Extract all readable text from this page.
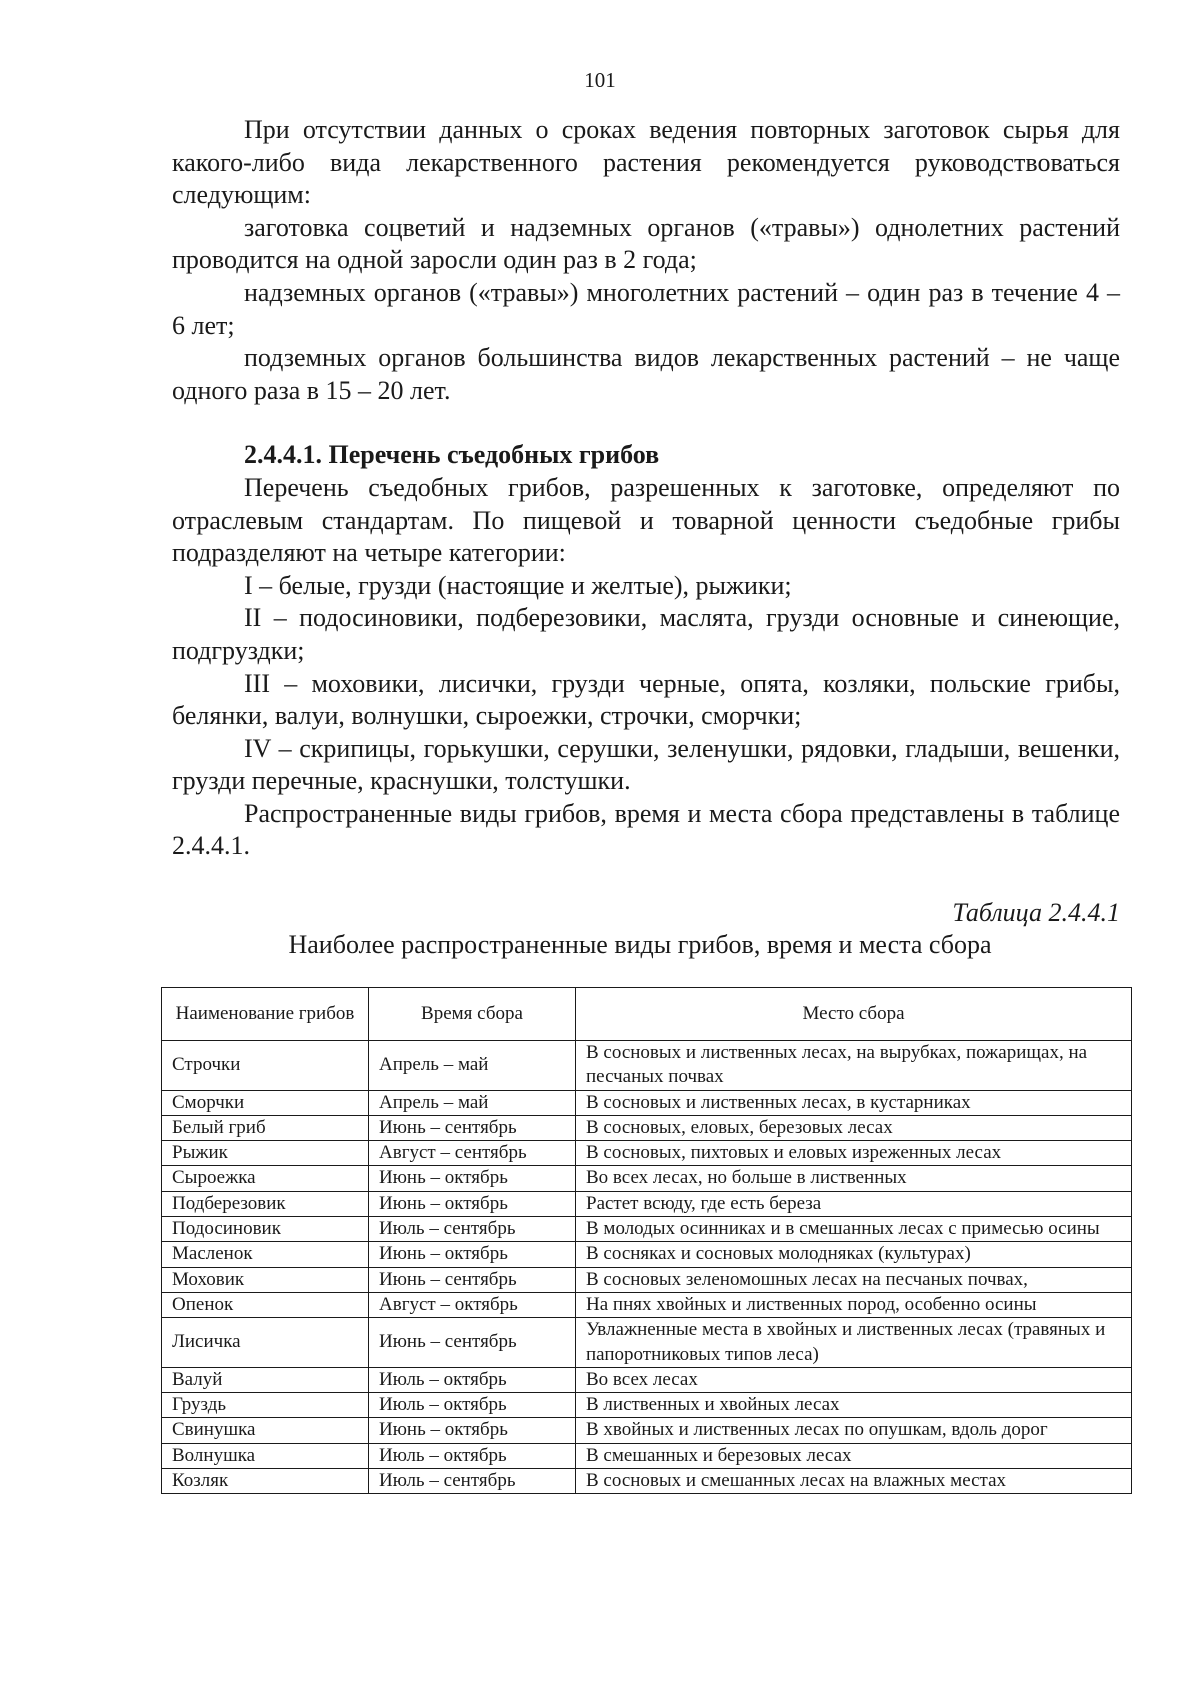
101

При отсутствии данных о сроках ведения повторных заготовок сырья для какого-либо вида лекарственного растения рекомендуется руководствоваться следующим:

заготовка соцветий и надземных органов («травы») однолетних растений проводится на одной заросли один раз в 2 года;

надземных органов («травы») многолетних растений – один раз в течение 4 – 6 лет;

подземных органов большинства видов лекарственных растений – не чаще одного раза в 15 – 20 лет.

2.4.4.1. Перечень съедобных грибов

Перечень съедобных грибов, разрешенных к заготовке, определяют по отраслевым стандартам. По пищевой и товарной ценности съедобные грибы подразделяют на четыре категории:

I – белые, грузди (настоящие и желтые), рыжики;

II – подосиновики, подберезовики, маслята, грузди основные и синеющие, подгруздки;

III – моховики, лисички, грузди черные, опята, козляки, польские грибы, белянки, валуи, волнушки, сыроежки, строчки, сморчки;

IV – скрипицы, горькушки, серушки, зеленушки, рядовки, гладыши, вешенки, грузди перечные, краснушки, толстушки.

Распространенные виды грибов, время и места сбора представлены в таблице 2.4.4.1.

Таблица 2.4.4.1
Наиболее распространенные виды грибов, время и места сбора
Наименование грибов	Время сбора	Место сбора
Строчки	Апрель – май	В сосновых и лиственных лесах, на вырубках, пожарищах, на песчаных почвах
Сморчки	Апрель – май	В сосновых и лиственных лесах, в кустарниках
Белый гриб	Июнь – сентябрь	В сосновых, еловых, березовых лесах
Рыжик	Август – сентябрь	В сосновых, пихтовых и еловых изреженных лесах
Сыроежка	Июнь – октябрь	Во всех лесах, но больше в лиственных
Подберезовик	Июнь – октябрь	Растет всюду, где есть береза
Подосиновик	Июль – сентябрь	В молодых осинниках и в смешанных лесах с примесью осины
Масленок	Июнь – октябрь	В сосняках и сосновых молодняках (культурах)
Моховик	Июнь – сентябрь	В сосновых зеленомошных лесах на песчаных почвах,
Опенок	Август – октябрь	На пнях хвойных и лиственных пород, особенно осины
Лисичка	Июнь – сентябрь	Увлажненные места в хвойных и лиственных лесах (травяных и папоротниковых типов леса)
Валуй	Июль – октябрь	Во всех лесах
Груздь	Июль – октябрь	В лиственных и хвойных лесах
Свинушка	Июнь – октябрь	В хвойных и лиственных лесах по опушкам, вдоль дорог
Волнушка	Июль – октябрь	В смешанных и березовых лесах
Козляк	Июль – сентябрь	В сосновых и смешанных лесах на влажных местах
